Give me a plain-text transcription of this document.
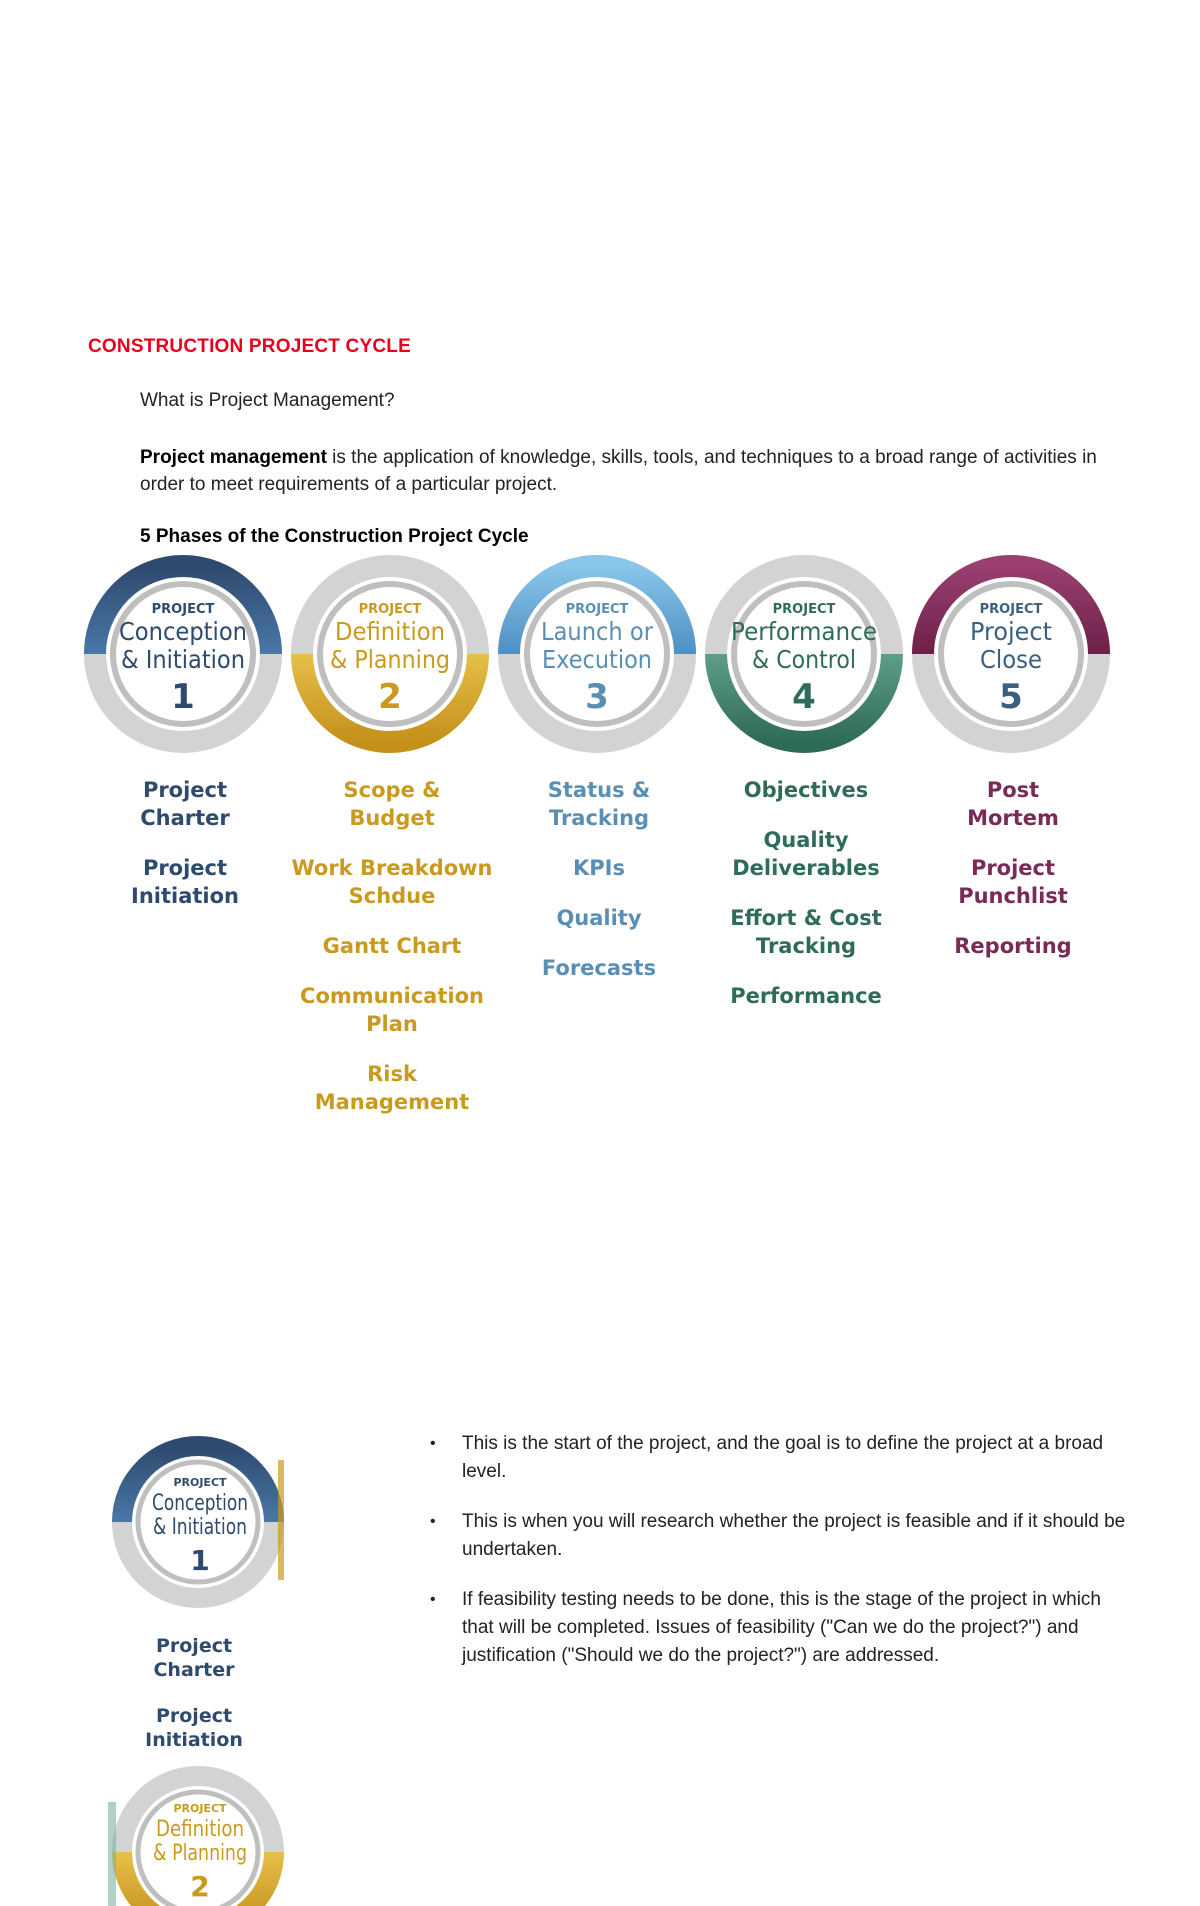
CONSTRUCTION PROJECT CYCLE
What is Project Management?
Project management is the application of knowledge, skills, tools, and techniques to a broad range of activities in order to meet requirements of a particular project.
5 Phases of the Construction Project Cycle
PROJECT
Conception
& Initiation
1
PROJECT
Definition
& Planning
2
PROJECT
Launch or
Execution
3
PROJECT
Performance
& Control
4
PROJECT
Project
Close
5
Project
Charter
Project
Initiation
Scope &
Budget
Work Breakdown
Schdue
Gantt Chart
Communication Plan
Risk Management
Status &
Tracking
KPIs
Quality
Forecasts
Objectives
Quality
Deliverables
Effort & Cost
Tracking
Performance
Post
Mortem
Project
Punchlist
Reporting
PROJECT
Conception
& Initiation
1
Project
Charter
Project
Initiation
PROJECT
Definition
& Planning
2
• This is the start of the project, and the goal is to define the project at a broad level.
• This is when you will research whether the project is feasible and if it should be undertaken.
• If feasibility testing needs to be done, this is the stage of the project in which that will be completed. Issues of feasibility ("Can we do the project?") and justification ("Should we do the project?") are addressed.
